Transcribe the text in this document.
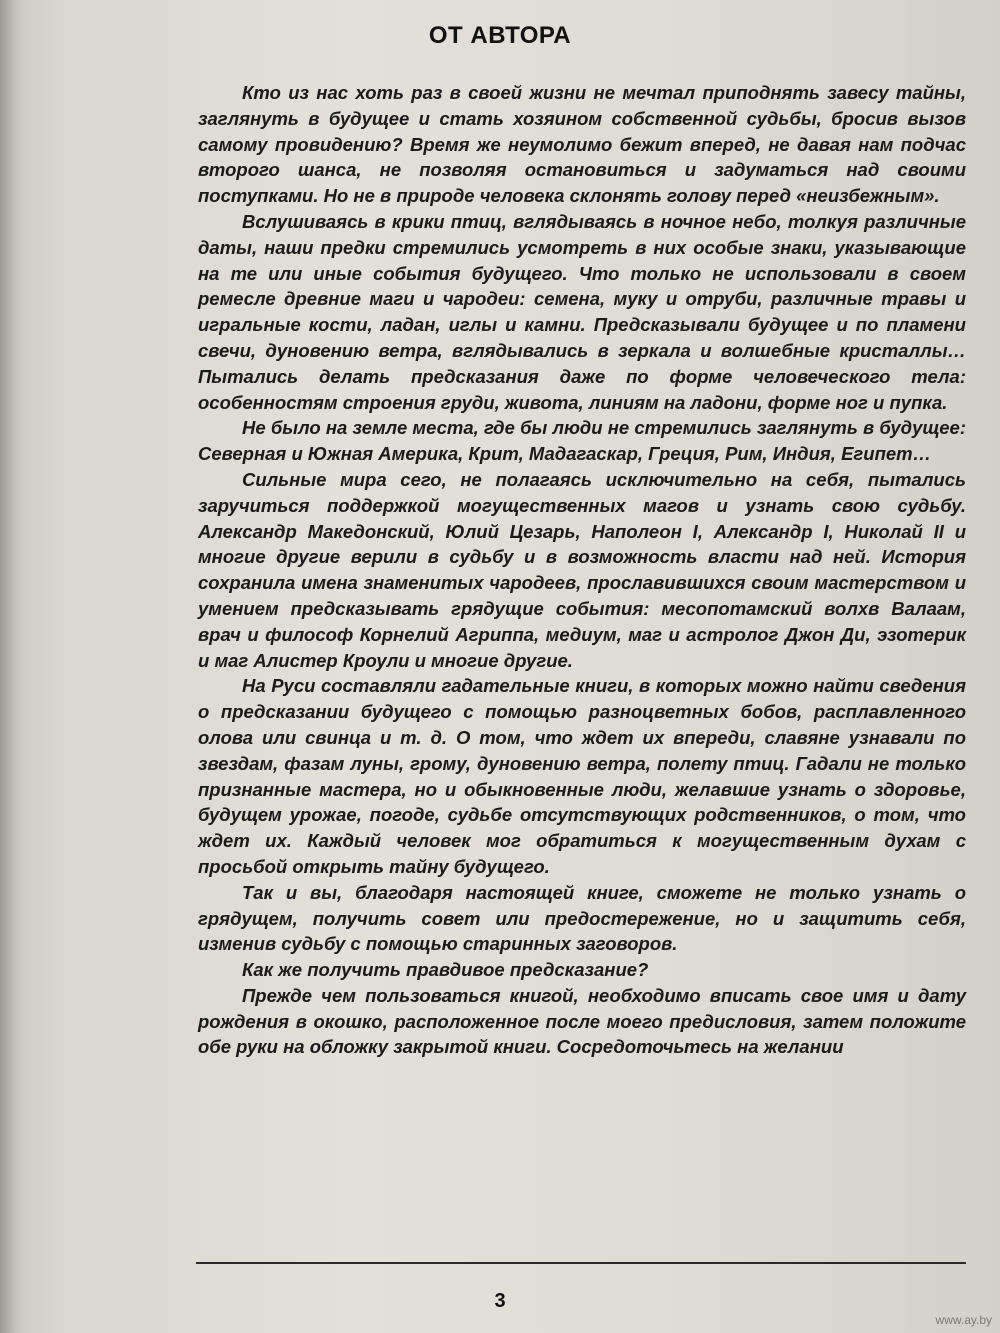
ОТ АВТОРА

Кто из нас хоть раз в своей жизни не мечтал приподнять завесу тайны, заглянуть в будущее и стать хозяином собственной судьбы, бросив вызов самому провидению? Время же неумолимо бежит вперед, не давая нам подчас второго шанса, не позволяя остановиться и задуматься над своими поступками. Но не в природе человека склонять голову перед «неизбежным».

Вслушиваясь в крики птиц, вглядываясь в ночное небо, толкуя различные даты, наши предки стремились усмотреть в них особые знаки, указывающие на те или иные события будущего. Что только не использовали в своем ремесле древние маги и чародеи: семена, муку и отруби, различные травы и игральные кости, ладан, иглы и камни. Предсказывали будущее и по пламени свечи, дуновению ветра, вглядывались в зеркала и волшебные кристаллы… Пытались делать предсказания даже по форме человеческого тела: особенностям строения груди, живота, линиям на ладони, форме ног и пупка.

Не было на земле места, где бы люди не стремились заглянуть в будущее: Северная и Южная Америка, Крит, Мадагаскар, Греция, Рим, Индия, Египет…

Сильные мира сего, не полагаясь исключительно на себя, пытались заручиться поддержкой могущественных магов и узнать свою судьбу. Александр Македонский, Юлий Цезарь, Наполеон I, Александр I, Николай II и многие другие верили в судьбу и в возможность власти над ней. История сохранила имена знаменитых чародеев, прославившихся своим мастерством и умением предсказывать грядущие события: месопотамский волхв Валаам, врач и философ Корнелий Агриппа, медиум, маг и астролог Джон Ди, эзотерик и маг Алистер Кроули и многие другие.

На Руси составляли гадательные книги, в которых можно найти сведения о предсказании будущего с помощью разноцветных бобов, расплавленного олова или свинца и т. д. О том, что ждет их впереди, славяне узнавали по звездам, фазам луны, грому, дуновению ветра, полету птиц. Гадали не только признанные мастера, но и обыкновенные люди, желавшие узнать о здоровье, будущем урожае, погоде, судьбе отсутствующих родственников, о том, что ждет их. Каждый человек мог обратиться к могущественным духам с просьбой открыть тайну будущего.

Так и вы, благодаря настоящей книге, сможете не только узнать о грядущем, получить совет или предостережение, но и защитить себя, изменив судьбу с помощью старинных заговоров.

Как же получить правдивое предсказание?

Прежде чем пользоваться книгой, необходимо вписать свое имя и дату рождения в окошко, расположенное после моего предисловия, затем положите обе руки на обложку закрытой книги. Сосредоточьтесь на желании

3
www.ay.by
